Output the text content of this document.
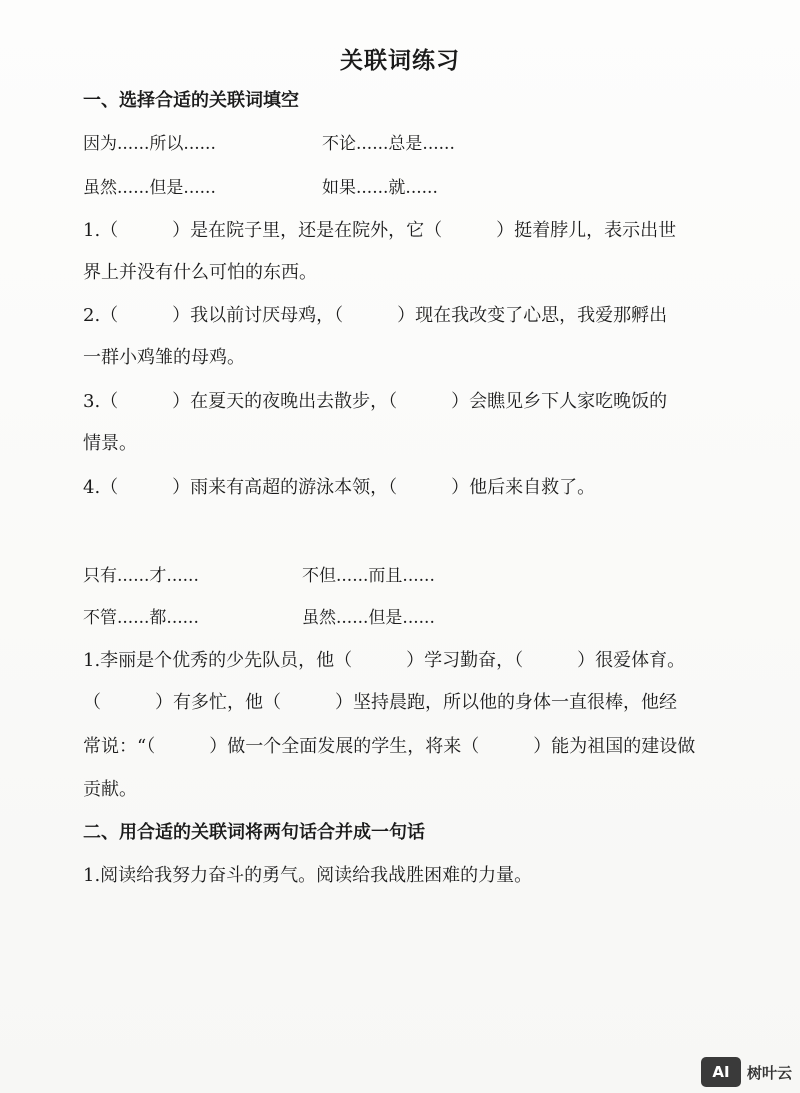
关联词练习
一、选择合适的关联词填空
因为......所以......	不论......总是......
虽然......但是......	如果......就......
1.（　　　）是在院子里，还是在院外，它（　　　）挺着脖儿，表示出世
界上并没有什么可怕的东西。
2.（　　　）我以前讨厌母鸡，（　　　）现在我改变了心思，我爱那孵出
一群小鸡雏的母鸡。
3.（　　　）在夏天的夜晚出去散步，（　　　）会瞧见乡下人家吃晚饭的
情景。
4.（　　　）雨来有高超的游泳本领，（　　　）他后来自救了。
只有......才......	不但......而且......
不管......都......	虽然......但是......
1.李丽是个优秀的少先队员，他（　　　）学习勤奋，（　　　）很爱体育。
（　　　）有多忙，他（　　　）坚持晨跑，所以他的身体一直很棒，他经
常说：“（　　　）做一个全面发展的学生，将来（　　　）能为祖国的建设做
贡献。
二、用合适的关联词将两句话合并成一句话
1.阅读给我努力奋斗的勇气。阅读给我战胜困难的力量。
AI	树叶云
